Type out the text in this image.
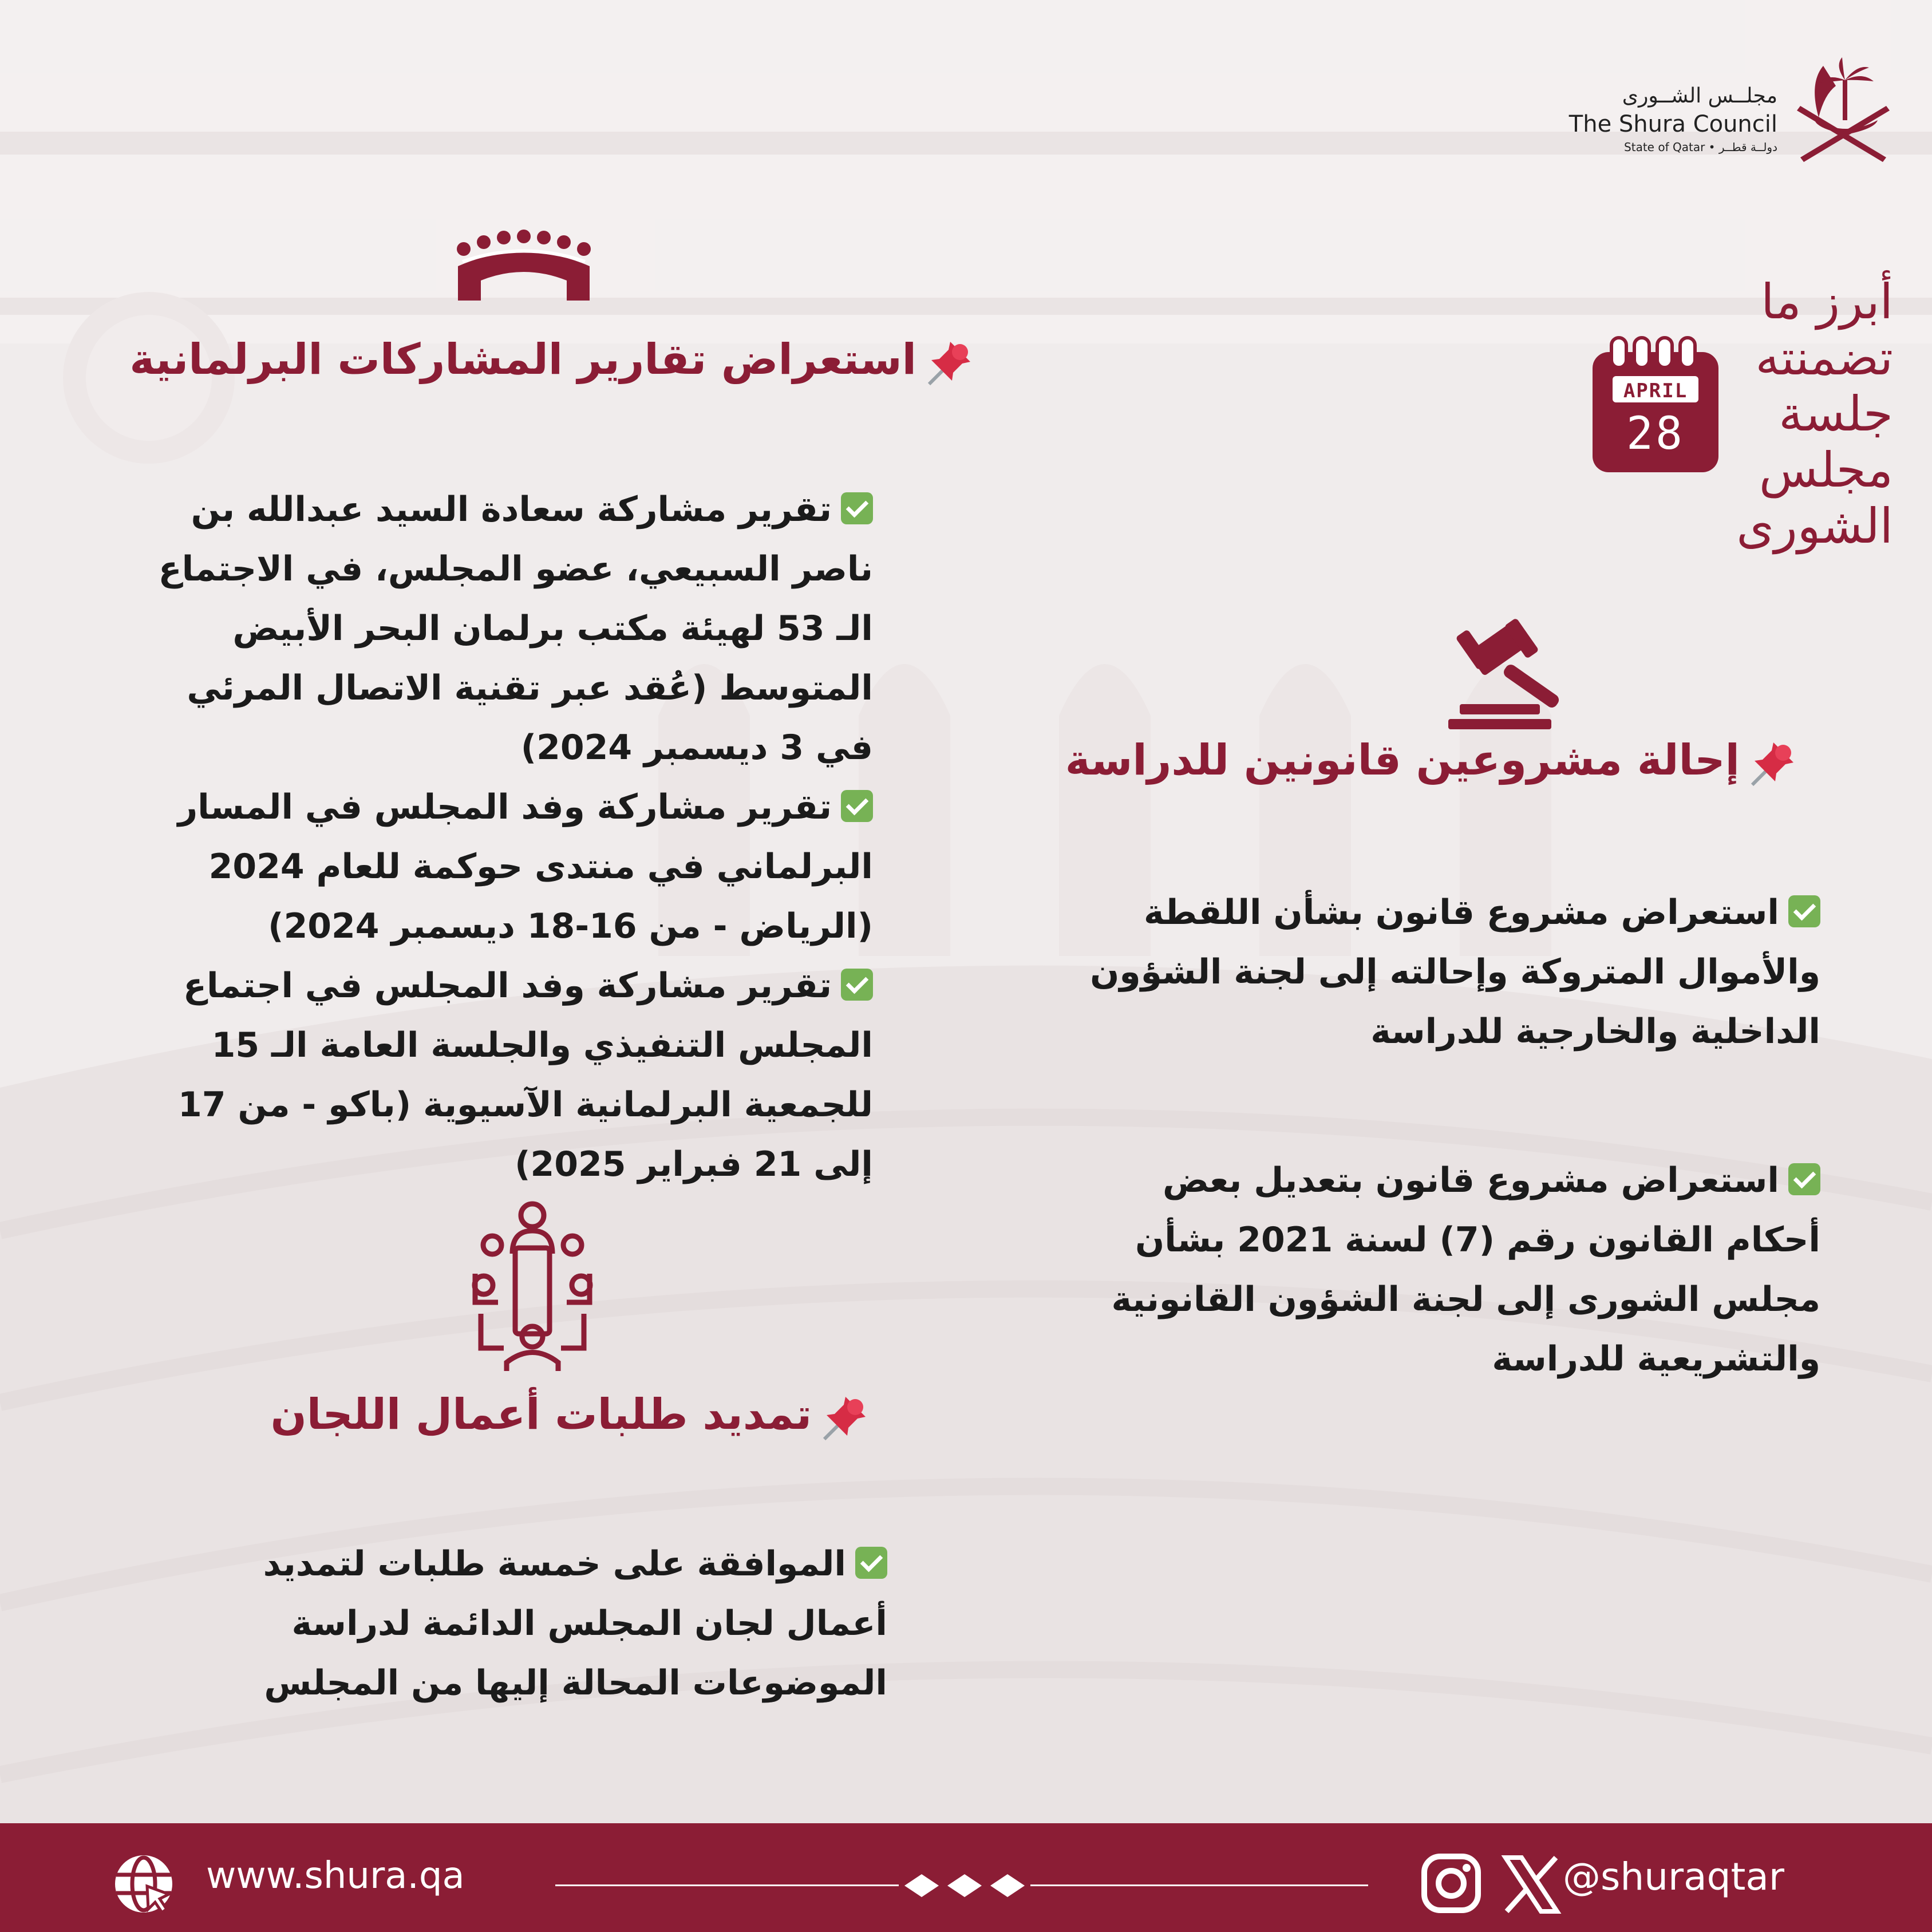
مجلــس الشــورى
The Shura Council
State of Qatar • دولــة قطــر
أبرز ما
تضمنته
جلسة
مجلس
الشورى
APRIL
28
استعراض تقارير المشاركات البرلمانية

تقرير مشاركة سعادة السيد عبدالله بن ناصر السبيعي، عضو المجلس، في الاجتماع الـ 53 لهيئة مكتب برلمان البحر الأبيض المتوسط (عُقد عبر تقنية الاتصال المرئي في 3 ديسمبر 2024)

تقرير مشاركة وفد المجلس في المسار البرلماني في منتدى حوكمة للعام 2024 (الرياض - من 16-18 ديسمبر 2024)

تقرير مشاركة وفد المجلس في اجتماع المجلس التنفيذي والجلسة العامة الـ 15 للجمعية البرلمانية الآسيوية (باكو - من 17 إلى 21 فبراير 2025)

إحالة مشروعين قانونين للدراسة

استعراض مشروع قانون بشأن اللقطة والأموال المتروكة وإحالته إلى لجنة الشؤون الداخلية والخارجية للدراسة

استعراض مشروع قانون بتعديل بعض أحكام القانون رقم (7) لسنة 2021 بشأن مجلس الشورى إلى لجنة الشؤون القانونية والتشريعية للدراسة

تمديد طلبات أعمال اللجان

الموافقة على خمسة طلبات لتمديد أعمال لجان المجلس الدائمة لدراسة الموضوعات المحالة إليها من المجلس

www.shura.qa	@shuraqtar
